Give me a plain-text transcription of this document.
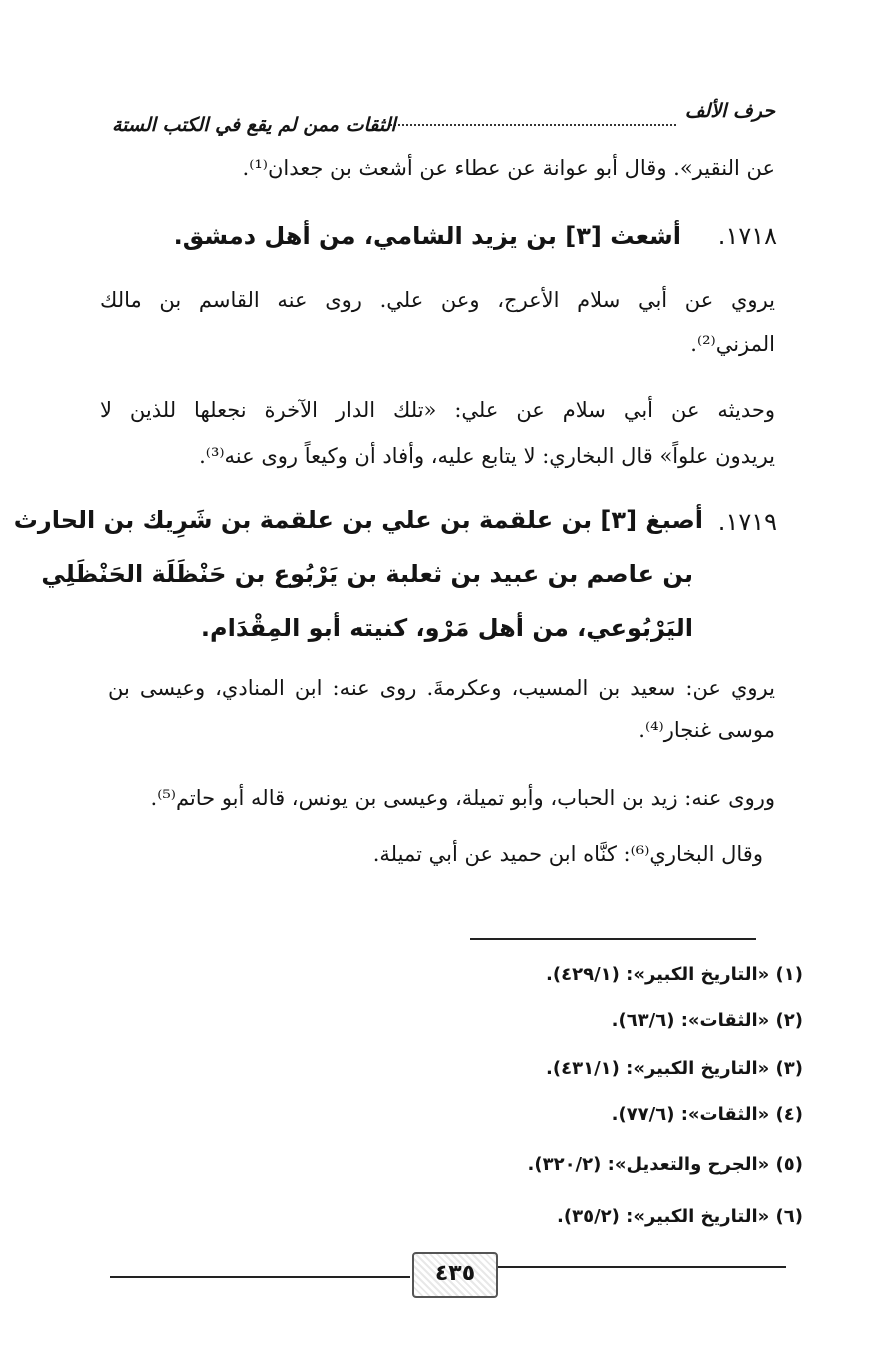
حرف الألف
الثقات ممن لم يقع في الكتب الستة
عن النقير». وقال أبو عوانة عن عطاء عن أشعث بن جعدان⁽¹⁾.
١٧١٨.
أشعث [٣] بن يزيد الشامي، من أهل دمشق.
يروي عن أبي سلام الأعرج، وعن علي. روى عنه القاسم بن مالك
المزني⁽²⁾.
وحديثه عن أبي سلام عن علي: «تلك الدار الآخرة نجعلها للذين لا
يريدون علواً» قال البخاري: لا يتابع عليه، وأفاد أن وكيعاً روى عنه⁽³⁾.
١٧١٩.
أصبغ [٣] بن علقمة بن علي بن علقمة بن شَرِيك بن الحارث
بن عاصم بن عبيد بن ثعلبة بن يَرْبُوع بن حَنْظَلَة الحَنْظَلِي
اليَرْبُوعي، من أهل مَرْو، كنيته أبو المِقْدَام.
يروي عن: سعيد بن المسيب، وعكرمةَ. روى عنه: ابن المنادي، وعيسى بن
موسى غنجار⁽⁴⁾.
وروى عنه: زيد بن الحباب، وأبو تميلة، وعيسى بن يونس، قاله أبو حاتم⁽⁵⁾.
وقال البخاري⁽⁶⁾: كنَّاه ابن حميد عن أبي تميلة.
(١) «التاريخ الكبير»: (٤٢٩/١).
(٢) «الثقات»: (٦٣/٦).
(٣) «التاريخ الكبير»: (٤٣١/١).
(٤) «الثقات»: (٧٧/٦).
(٥) «الجرح والتعديل»: (٣٢٠/٢).
(٦) «التاريخ الكبير»: (٣٥/٢).
٤٣٥
